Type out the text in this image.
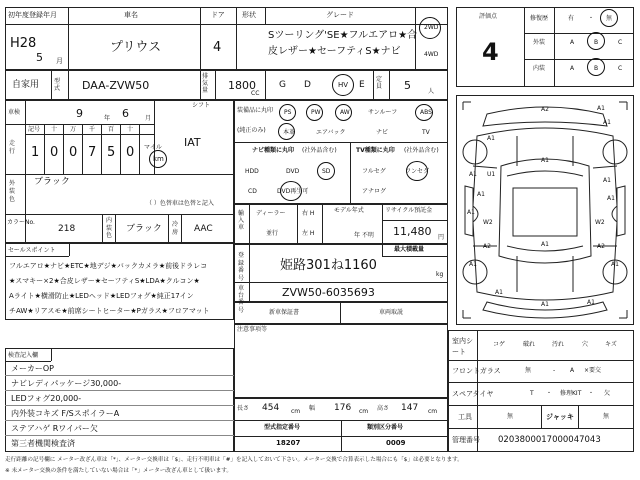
初年度登録年月
H28
5 月
車名
プリウス
ドア
4
形状	グレード
Sツーリング'SE★フルエアロ★合
皮レザー★セーフティS★ナビ
2WD
4WD
自家用 型式 DAA-ZVW50
排気量 1800
CC
G D	HV E
定員 5	人
車検	9	年 6	月
シフト
IAT
走行
記号 十 万 千 百 十
1 0 0 7 5 0 マイル
km
外装色
ブラック
（ ）色替車は色替と記入
カラーNo.
218
内装色
ブラック 冷房 AAC
装備品に丸印
(純正のみ)
PS	PW	AW	サンルーフ	ABS
本革	エアバック	ナビ	TV
ナビ種類に丸印 (社外品含む)
HDD	DVD	SD
CD	DVD再生可
TV種類に丸印 (社外品含む)
フルセグ	ワンセグ
アナログ
輸入車
ディーラー
並行
右 H
左 H
モデル年式
年 不明
リサイクル預託金
11,480 円
最大積載量
kg
登録番号
姫路301ね1160
車台番号
ZVW50-6035693
新車保証書	車両取説
注意事項等
セールスポイント
フルエアロ★ナビ★ETC★地デジ★バックカメラ★前後ドラレコ
★スマキー×2★合皮レザー★セーフティS★LDA★クルコン★
Aライト★横滑防止★LEDヘッド★LEDフォグ★純正17イン
チAW★リアスモ★前席シートヒーター★Pガラス★フロアマット
検査記入欄
メーカーOP
ナビレディパッケージ30,000-
LEDフォグ20,000-
内外装コキズ F/SスポイラーA
ステアハゲ Rワイパー欠
第三者機関検査済
長さ 454 cm 幅 176 cm 高さ 147 cm
型式指定番号
18207
類別区分番号
0009
評価点
4
修復歴	有 ・ 無
外装	A	B	C
内装	A	B	C
A2	A1
A1
A1
A1
A1 U1
A1
A1
A1
A1
W2	W2
A1
A2	A2
A1	A1
A1
A1	A1
室内シート
コゲ	破れ	汚れ	穴	キズ
フロントガラス	無	- A ×要交
スペアタイヤ	T ・ 修理KIT ・ 欠
工具	無	ジャッキ	無
管理番号 0203800017000047043
走行距離の記号欄に メーター改ざん車は「*」、メーター交換車は「$」、走行不明車は「#」を記入しておいて下さい。メーター交換で合算表示した場合にも「$」は必要となります。
※ 未メーター交換の条件を満たしていない場合は「*」メーター改ざん車として扱います。
